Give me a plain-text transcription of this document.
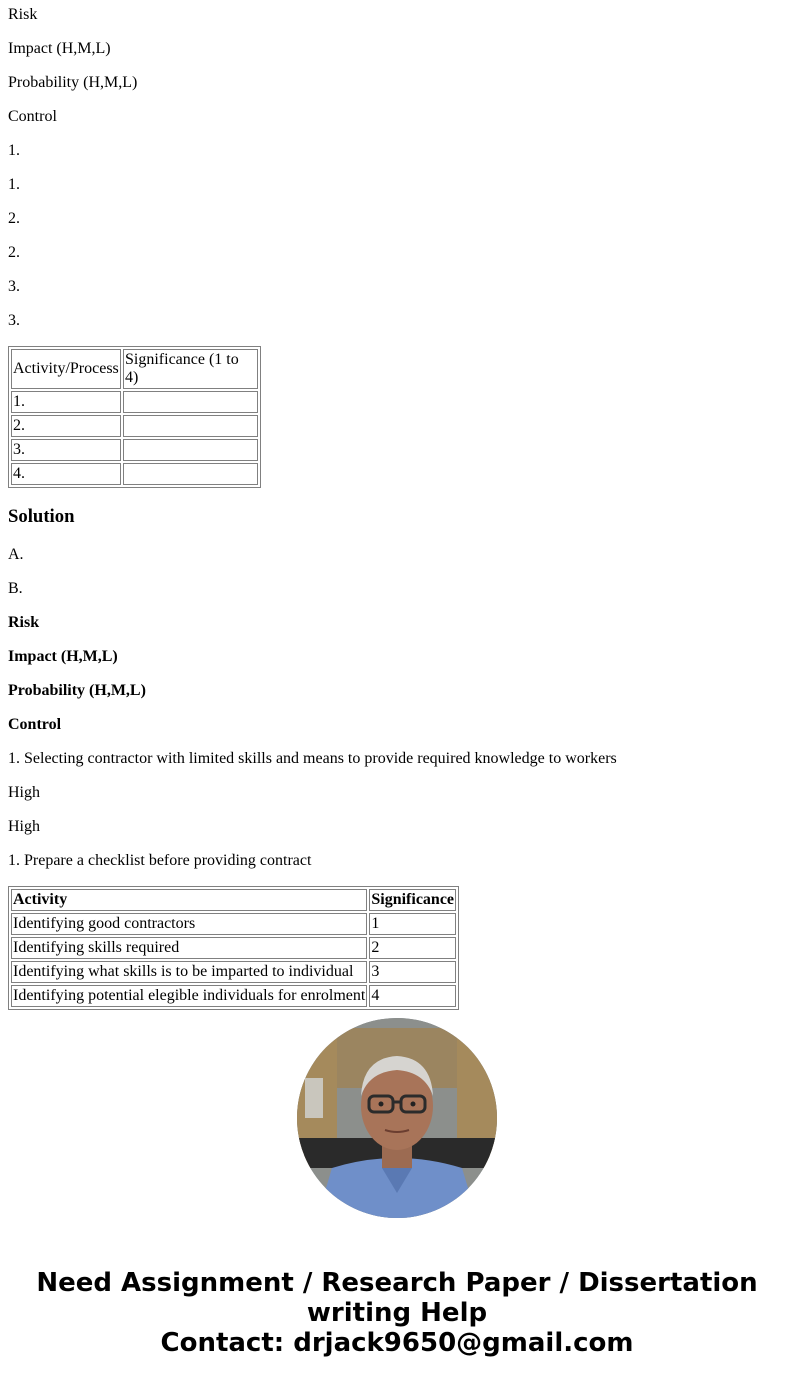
Risk

Impact (H,M,L)

Probability (H,M,L)

Control

1.

1.

2.

2.

3.

3.

Activity/Process	Significance (1 to 4)
1.	
2.	
3.	
4.	
Solution

A.

B.

Risk

Impact (H,M,L)

Probability (H,M,L)

Control

1. Selecting contractor with limited skills and means to provide required knowledge to workers

High

High

1. Prepare a checklist before providing contract

Activity	Significance
Identifying good contractors	1
Identifying skills required	2
Identifying what skills is to be imparted to individual	3
Identifying potential elegible individuals for enrolment	4
Need Assignment / Research Paper / Dissertation
writing Help
Contact: drjack9650@gmail.com
